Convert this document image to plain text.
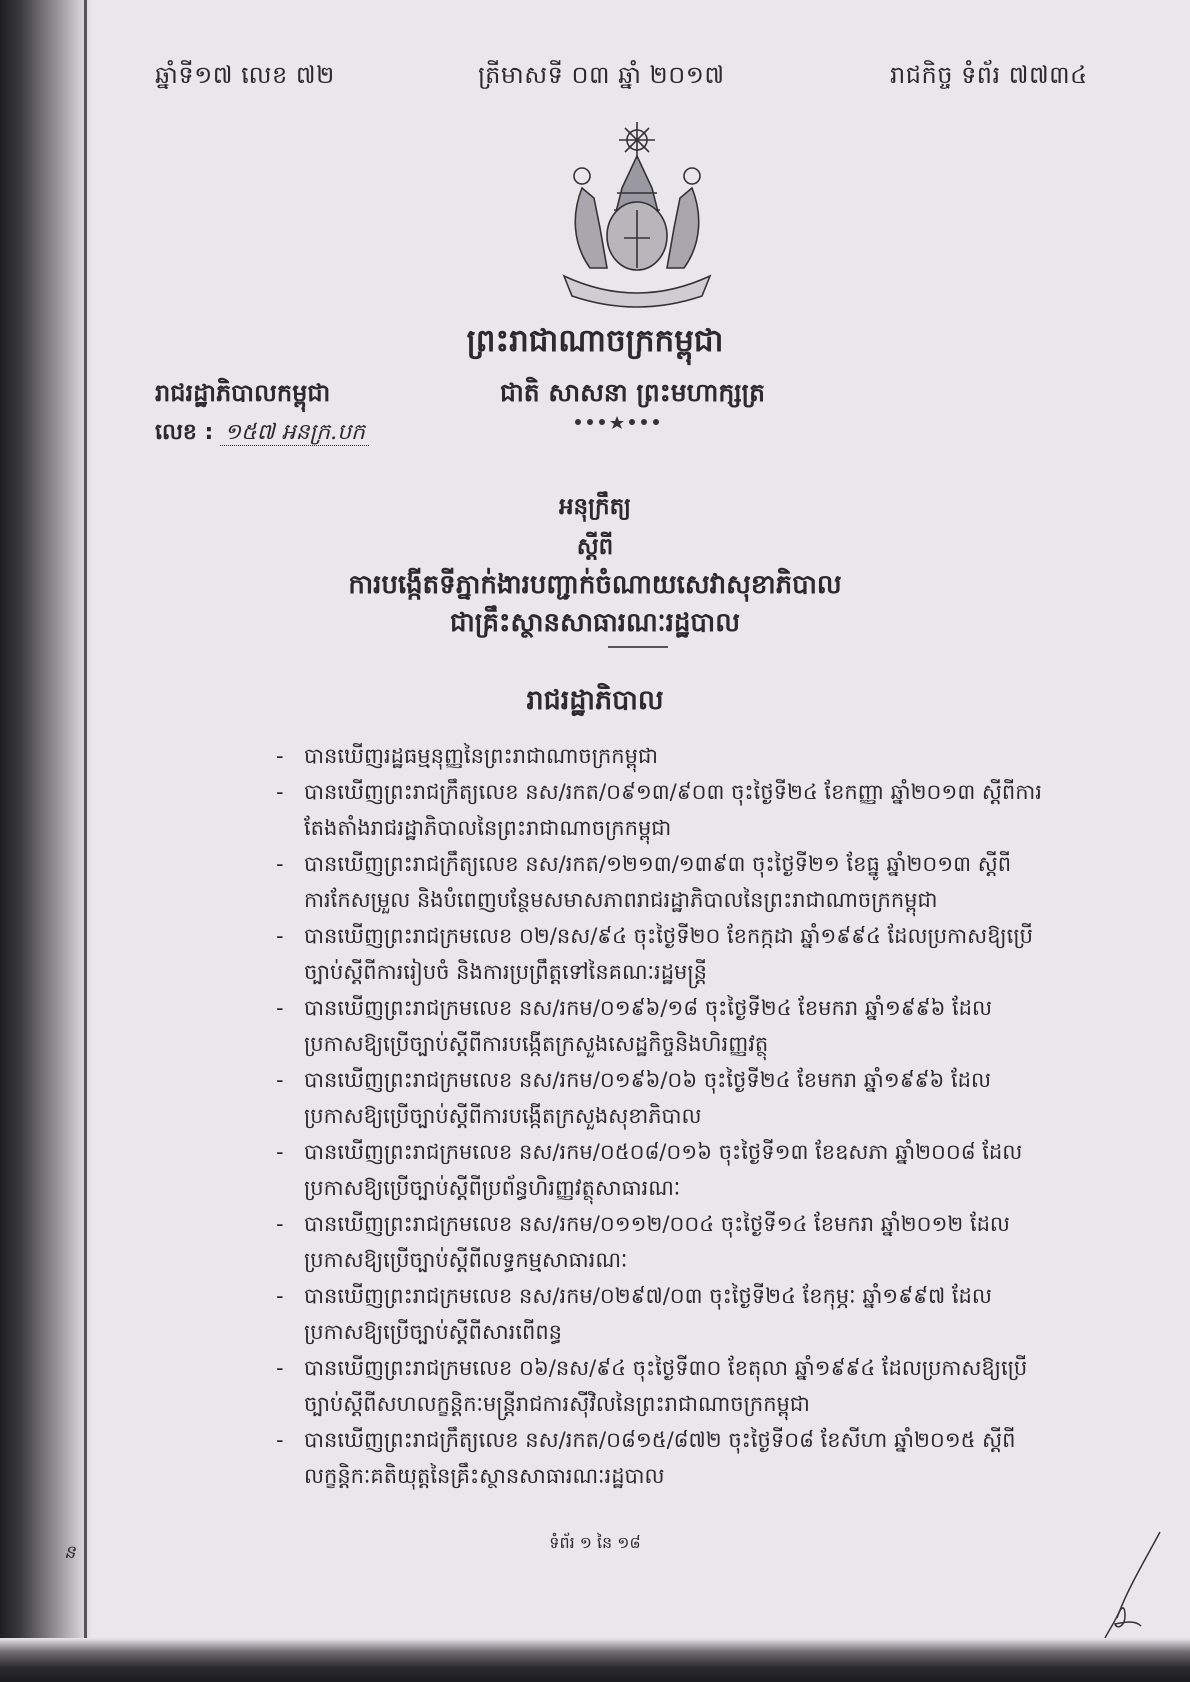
ឆ្នាំទី១៧ លេខ ៧២	ត្រីមាសទី ០៣ ឆ្នាំ ២០១៧	រាជកិច្ច ទំព័រ ៧៧៣៤
ព្រះរាជាណាចក្រកម្ពុជា
រាជរដ្ឋាភិបាលកម្ពុជា	ជាតិ សាសនា ព្រះមហាក្សត្រ
លេខ : ១៥៧ អនក្រ.បក
អនុក្រឹត្យ
ស្តីពី
ការបង្កើតទីភ្នាក់ងារបញ្ជាក់ចំណាយសេវាសុខាភិបាល
ជាគ្រឹះស្ថានសាធារណៈរដ្ឋបាល
រាជរដ្ឋាភិបាល
- បានឃើញរដ្ឋធម្មនុញ្ញនៃព្រះរាជាណាចក្រកម្ពុជា
- បានឃើញព្រះរាជក្រឹត្យលេខ នស/រកត/០៩១៣/៩០៣ ចុះថ្ងៃទី២៤ ខែកញ្ញា ឆ្នាំ២០១៣ ស្តីពីការតែងតាំងរាជរដ្ឋាភិបាលនៃព្រះរាជាណាចក្រកម្ពុជា
- បានឃើញព្រះរាជក្រឹត្យលេខ នស/រកត/១២១៣/១៣៩៣ ចុះថ្ងៃទី២១ ខែធ្នូ ឆ្នាំ២០១៣ ស្តីពីការកែសម្រួល និងបំពេញបន្ថែមសមាសភាពរាជរដ្ឋាភិបាលនៃព្រះរាជាណាចក្រកម្ពុជា
- បានឃើញព្រះរាជក្រមលេខ ០២/នស/៩៤ ចុះថ្ងៃទី២០ ខែកក្កដា ឆ្នាំ១៩៩៤ ដែលប្រកាសឱ្យប្រើច្បាប់ស្តីពីការរៀបចំ និងការប្រព្រឹត្តទៅនៃគណៈរដ្ឋមន្ត្រី
- បានឃើញព្រះរាជក្រមលេខ នស/រកម/០១៩៦/១៨ ចុះថ្ងៃទី២៤ ខែមករា ឆ្នាំ១៩៩៦ ដែលប្រកាសឱ្យប្រើច្បាប់ស្តីពីការបង្កើតក្រសួងសេដ្ឋកិច្ចនិងហិរញ្ញវត្ថុ
- បានឃើញព្រះរាជក្រមលេខ នស/រកម/០១៩៦/០៦ ចុះថ្ងៃទី២៤ ខែមករា ឆ្នាំ១៩៩៦ ដែលប្រកាសឱ្យប្រើច្បាប់ស្តីពីការបង្កើតក្រសួងសុខាភិបាល
- បានឃើញព្រះរាជក្រមលេខ នស/រកម/០៥០៨/០១៦ ចុះថ្ងៃទី១៣ ខែឧសភា ឆ្នាំ២០០៨ ដែលប្រកាសឱ្យប្រើច្បាប់ស្តីពីប្រព័ន្ធហិរញ្ញវត្ថុសាធារណៈ
- បានឃើញព្រះរាជក្រមលេខ នស/រកម/០១១២/០០៤ ចុះថ្ងៃទី១៤ ខែមករា ឆ្នាំ២០១២ ដែលប្រកាសឱ្យប្រើច្បាប់ស្តីពីលទ្ធកម្មសាធារណៈ
- បានឃើញព្រះរាជក្រមលេខ នស/រកម/០២៩៧/០៣ ចុះថ្ងៃទី២៤ ខែកុម្ភៈ ឆ្នាំ១៩៩៧ ដែលប្រកាសឱ្យប្រើច្បាប់ស្តីពីសារពើពន្ធ
- បានឃើញព្រះរាជក្រមលេខ ០៦/នស/៩៤ ចុះថ្ងៃទី៣០ ខែតុលា ឆ្នាំ១៩៩៤ ដែលប្រកាសឱ្យប្រើច្បាប់ស្តីពីសហលក្ខន្តិកៈមន្ត្រីរាជការស៊ីវិលនៃព្រះរាជាណាចក្រកម្ពុជា
- បានឃើញព្រះរាជក្រឹត្យលេខ នស/រកត/០៨១៥/៨៧២ ចុះថ្ងៃទី០៨ ខែសីហា ឆ្នាំ២០១៥ ស្តីពីលក្ខន្តិកៈគតិយុត្តនៃគ្រឹះស្ថានសាធារណៈរដ្ឋបាល
ទំព័រ ១ នៃ ១៨
ន
